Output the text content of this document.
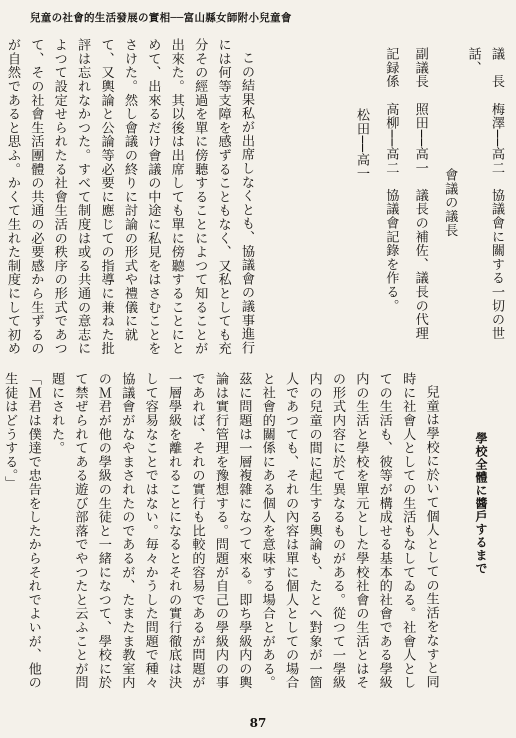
兒童の社會的生活發展の實相──富山縣女師附小兒童會

議　長　梅澤──高二　協議會に關する一切の世話、

會議の議長

副議長　照田──高一　議長の補佐、議長の代理

記録係　高柳──高二　協議會記錄を作る。

松田──高一

この結果私が出席しなくとも、協議會の議事進行には何等支障を感ずることもなく、又私としても充分その經過を單に傍聽することによつて知ることが出來た。其以後は出席しても單に傍聽することにとめて、出來るだけ會議の中途に私見をはさむことをさけた。然し會議の終りに討論の形式や禮儀に就て、又輿論と公論等必要に應じての指導に兼ねた批評は忘れなかつた。すべて制度は或る共通の意志によつて設定せられたる社會生活の秩序の形式であつて、その社會生活團體の共通の必要感から生ずるのが自然であると思ふ。かくて生れた制度にして初め

學校全體に醬戶するまで

兒童は學校に於いて個人としての生活をなすと同時に社會人としての生活もなしてゐる。社會人としての生活も、彼等が構成せる基本的社會である學級内の生活と學校を單元とした學校社會の生活とはその形式内容に於て異なるものがある。從つて一學級内の兒童の間に起生する輿論も、たとへ對象が一箇人であつても、それの內容は單に個人としての場合と社會的關係にある個人を意味する場合とがある。茲に問題は一層複雜になつて來る。即ち學級内の輿論は實行管理を豫想する。問題が自己の學級内の事であれば、それの實行も比較的容易であるが問題が一層學級を離れることになるとそれの實行徹底は決して容易なことではない。毎々かうした問題で種々協議會がなやまされたのであるが、たまたま教室内のＭ君が他の學級の生徒と一緒になつて、學校に於て禁ぜられてある遊び部落でやつたと云ふことが問題にされた。

「Ｍ君は僕達で忠告をしたからそれでよいが、他の生徒はどうする。」

87
